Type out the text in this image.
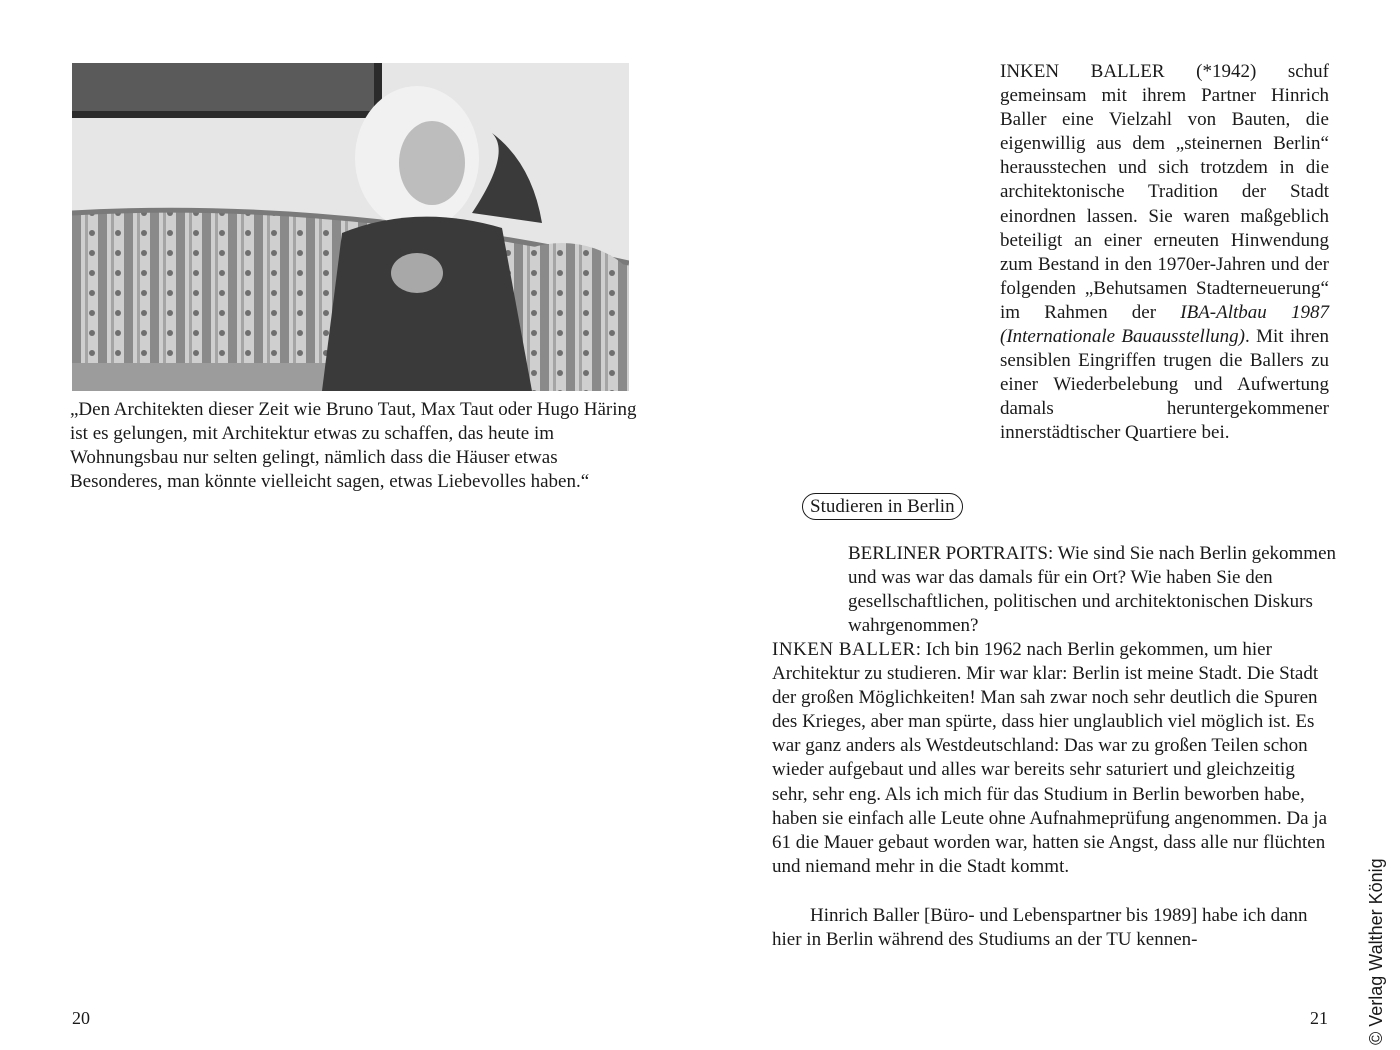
„Den Architekten dieser Zeit wie Bruno Taut, Max Taut oder Hugo Häring ist es gelungen, mit Architektur etwas zu schaffen, das heute im Wohnungsbau nur selten gelingt, nämlich dass die Häuser etwas Besonderes, man könnte vielleicht sagen, etwas Liebevolles haben.“

20

INKEN BALLER (*1942) schuf gemeinsam mit ihrem Partner Hinrich Baller eine Vielzahl von Bauten, die eigenwillig aus dem „steinernen Berlin“ herausstechen und sich trotzdem in die architektonische Tradition der Stadt einordnen lassen. Sie waren maßgeblich beteiligt an einer erneuten Hinwendung zum Bestand in den 1970er-Jahren und der folgenden „Behutsamen Stadterneuerung“ im Rahmen der IBA-Altbau 1987 (Internationale Bauausstellung). Mit ihren sensiblen Eingriffen trugen die Ballers zu einer Wiederbelebung und Aufwertung damals heruntergekommener innerstädtischer Quartiere bei.

Studieren in Berlin

BERLINER PORTRAITS: Wie sind Sie nach Berlin gekommen und was war das damals für ein Ort? Wie haben Sie den gesellschaftlichen, politischen und architektonischen Diskurs wahrgenommen?

INKEN BALLER: Ich bin 1962 nach Berlin gekommen, um hier Architektur zu studieren. Mir war klar: Berlin ist meine Stadt. Die Stadt der großen Möglichkeiten! Man sah zwar noch sehr deutlich die Spuren des Krieges, aber man spürte, dass hier unglaublich viel möglich ist. Es war ganz anders als Westdeutschland: Das war zu großen Teilen schon wieder aufgebaut und alles war bereits sehr saturiert und gleichzeitig sehr, sehr eng. Als ich mich für das Studium in Berlin beworben habe, haben sie einfach alle Leute ohne Aufnahmeprüfung angenommen. Da ja 61 die Mauer gebaut worden war, hatten sie Angst, dass alle nur flüchten und niemand mehr in die Stadt kommt.

Hinrich Baller [Büro- und Lebenspartner bis 1989] habe ich dann hier in Berlin während des Studiums an der TU kennen-

21 © Verlag Walther König
